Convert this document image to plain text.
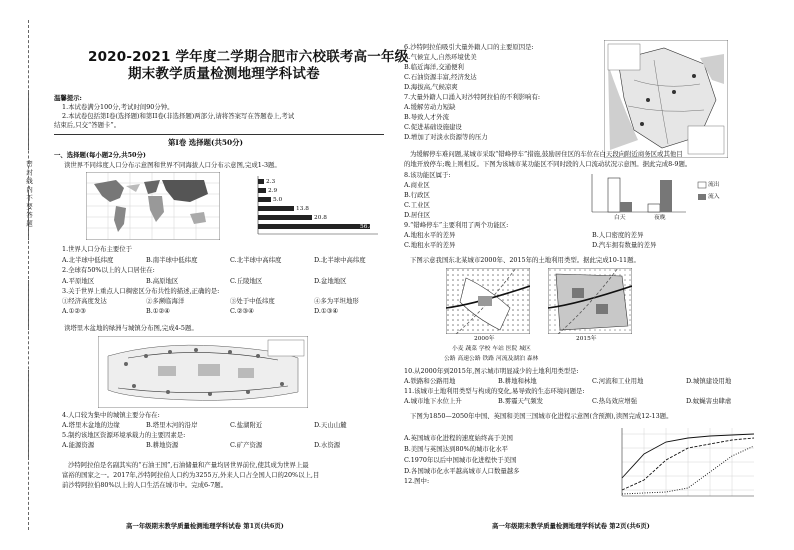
密 封 线 内 不 要 答 题
2020-2021 学年度二学期合肥市六校联考高一年级
期末教学质量检测地理学科试卷
温馨提示:
1.本试卷满分100分,考试时间90分钟。
2.本试卷包括第I卷(选择题)和第II卷(非选择题)两部分,请将答案写在答题卷上,考试
结束后,只交“答题卡”。
第Ⅰ卷 选择题(共50分)
一、选择题(每小题2分,共50分)
读世界不同纬度人口分布示意图和世界不同海拔人口分布示意图,完成1-3题。
2.3
2.9
5.0
13.8
20.8
56.8
1.世界人口分布主要位于
A.北半球中低纬度	B.南半球中低纬度	C.北半球中高纬度	D.北半球中高纬度
2.全球有50%以上的人口居住在:
A.平原地区	B.高原地区	C.丘陵地区	D.盆地地区
3.关于世界上重点人口稠密区分布共性的描述,正确的是:
①经济高度发达	②多濒临海洋	③处于中低纬度	④多为平坦地形
A.①②③	B.①②④	C.②③④	D.①③④
读塔里木盆地的绿洲与城镇分布图,完成4-5题。
4.人口较为集中的城镇主要分布在:
A.塔里木盆地的边缘	B.塔里木河的沿岸	C.盐湖附近	D.天山山麓
5.制约该地区资源环境承载力的主要因素是:
A.能源资源	B.耕地资源	C.矿产资源	D.水资源
沙特阿拉伯是名副其实的“石油王国”,石油储量和产量均居世界前位,使其成为世界上最
富裕的国家之一。2017年,沙特阿拉伯人口约为3255万,外来人口占全国人口的20%以上,目
前沙特阿拉伯80%以上的人口生活在城市中。完成6-7题。
高一年级期末教学质量检测地理学科试卷 第1页(共6页)
6.沙特阿拉伯吸引大量外籍人口的主要原因是:
A.气候宜人,自然环境优美
B.临近海洋,交通便利
C.石油资源丰富,经济发达
D.海拔高,气候凉爽
7.大量外籍人口涌入对沙特阿拉伯的不利影响有:
A.缓解劳动力短缺
B.导致人才外流
C.促进基础设施建设
D.增加了对淡水资源等的压力
为缓解停车难问题,某城市采取“错峰停车”措施,鼓励居住区的车位在白天段向附近商务区或其他目
的地开放停车;晚上则相反。下图为该城市某功能区不同时段的人口流动状况示意图。据此完成8-9题。
8.该功能区属于:
A.商业区
B.行政区
C.工业区
D.居住区
流出
流入
白天	夜晚
9.“错峰停车”主要利用了两个功能区:
A.地租水平的差异	B.人口密度的差异
C.地租水平的差异	D.汽车拥有数量的差异
下图示意我国东北某城市2000年、2015年的土地利用类型。据此完成10-11题。
2000年	2015年
小麦 蔬菜 学校 车站 医院 城区
公路 高速公路 铁路 河流及湖泊 森林
10.从2000年到2015年,图示城市明显减少的土地利用类型是:
A.铁路和公路用地	B.耕地和林地	C.河流和工业用地	D.城镇建设用地
11.该城市土地利用类型与构成的变化,易导致的生态环境问题是:
A.城市地下水位上升	B.雾霾天气频发	C.热岛效应增强	D.蚊蝇害虫肆虐
下图为1850—2050年中国、英国和美国三国城市化进程示意图(含预测),读图完成12-13题。
A.英国城市化进程的速度始终高于美国
B.美国与英国达到80%的城市化水平
C.1970年以后中国城市化进程快于美国
D.各国城市化水平越高城市人口数量越多
12.图中:
高一年级期末教学质量检测地理学科试卷 第2页(共6页)
